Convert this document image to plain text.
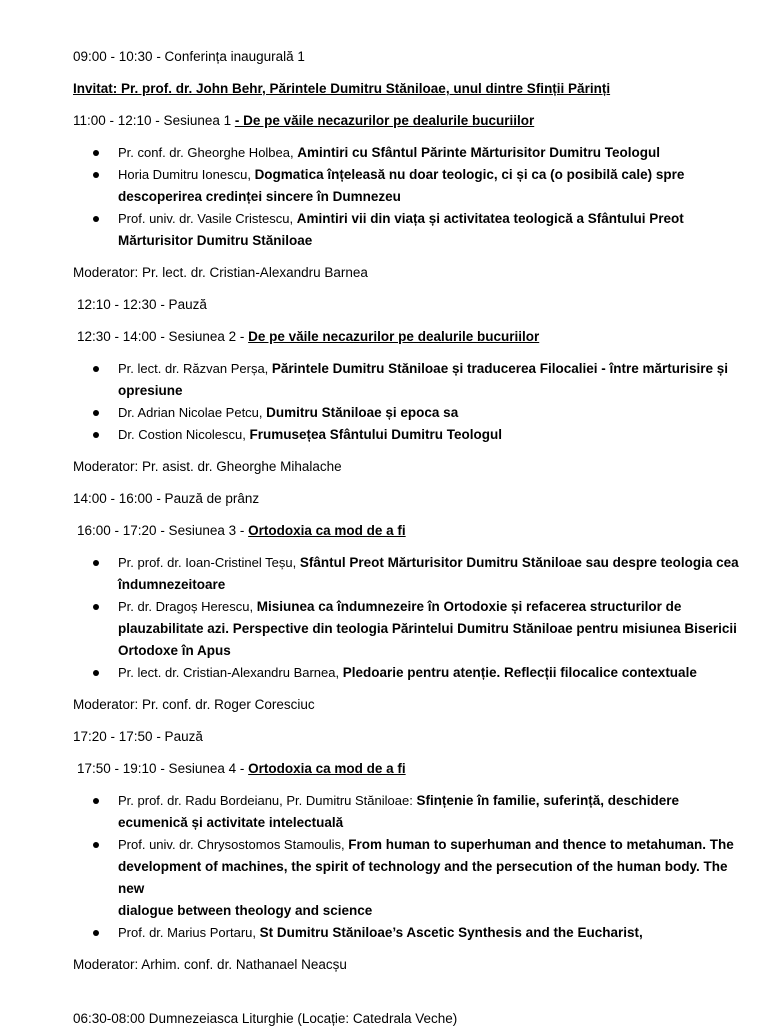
09:00 - 10:30 - Conferința inaugurală 1

Invitat: Pr. prof. dr. John Behr, Părintele Dumitru Stăniloae, unul dintre Sfinții Părinți

11:00 - 12:10 - Sesiunea 1 - De pe văile necazurilor pe dealurile bucuriilor

Pr. conf. dr. Gheorghe Holbea, Amintiri cu Sfântul Părinte Mărturisitor Dumitru Teologul
Horia Dumitru Ionescu, Dogmatica înțeleasă nu doar teologic, ci și ca (o posibilă cale) spre
descoperirea credinței sincere în Dumnezeu
Prof. univ. dr. Vasile Cristescu, Amintiri vii din viața și activitatea teologică a Sfântului Preot
Mărturisitor Dumitru Stăniloae

Moderator: Pr. lect. dr. Cristian-Alexandru Barnea

12:10 - 12:30 - Pauză

12:30 - 14:00 - Sesiunea 2 - De pe văile necazurilor pe dealurile bucuriilor

Pr. lect. dr. Răzvan Perșa, Părintele Dumitru Stăniloae și traducerea Filocaliei - între mărturisire și
opresiune
Dr. Adrian Nicolae Petcu, Dumitru Stăniloae și epoca sa
Dr. Costion Nicolescu, Frumusețea Sfântului Dumitru Teologul

Moderator: Pr. asist. dr. Gheorghe Mihalache

14:00 - 16:00 - Pauză de prânz

16:00 - 17:20 - Sesiunea 3 - Ortodoxia ca mod de a fi

Pr. prof. dr. Ioan-Cristinel Teșu, Sfântul Preot Mărturisitor Dumitru Stăniloae sau despre teologia cea
îndumnezeitoare
Pr. dr. Dragoș Herescu, Misiunea ca îndumnezeire în Ortodoxie și refacerea structurilor de
plauzabilitate azi. Perspective din teologia Părintelui Dumitru Stăniloae pentru misiunea Bisericii
Ortodoxe în Apus
Pr. lect. dr. Cristian-Alexandru Barnea, Pledoarie pentru atenție. Reflecții filocalice contextuale

Moderator: Pr. conf. dr. Roger Coresciuc

17:20 - 17:50 - Pauză

17:50 - 19:10 - Sesiunea 4 - Ortodoxia ca mod de a fi

Pr. prof. dr. Radu Bordeianu, Pr. Dumitru Stăniloae: Sfințenie în familie, suferință, deschidere
ecumenică și activitate intelectuală
Prof. univ. dr. Chrysostomos Stamoulis, From human to superhuman and thence to metahuman. The
development of machines, the spirit of technology and the persecution of the human body. The new
dialogue between theology and science
Prof. dr. Marius Portaru, St Dumitru Stăniloae’s Ascetic Synthesis and the Eucharist,

Moderator: Arhim. conf. dr. Nathanael Neacșu

06:30-08:00 Dumnezeiasca Liturghie (Locație: Catedrala Veche)
